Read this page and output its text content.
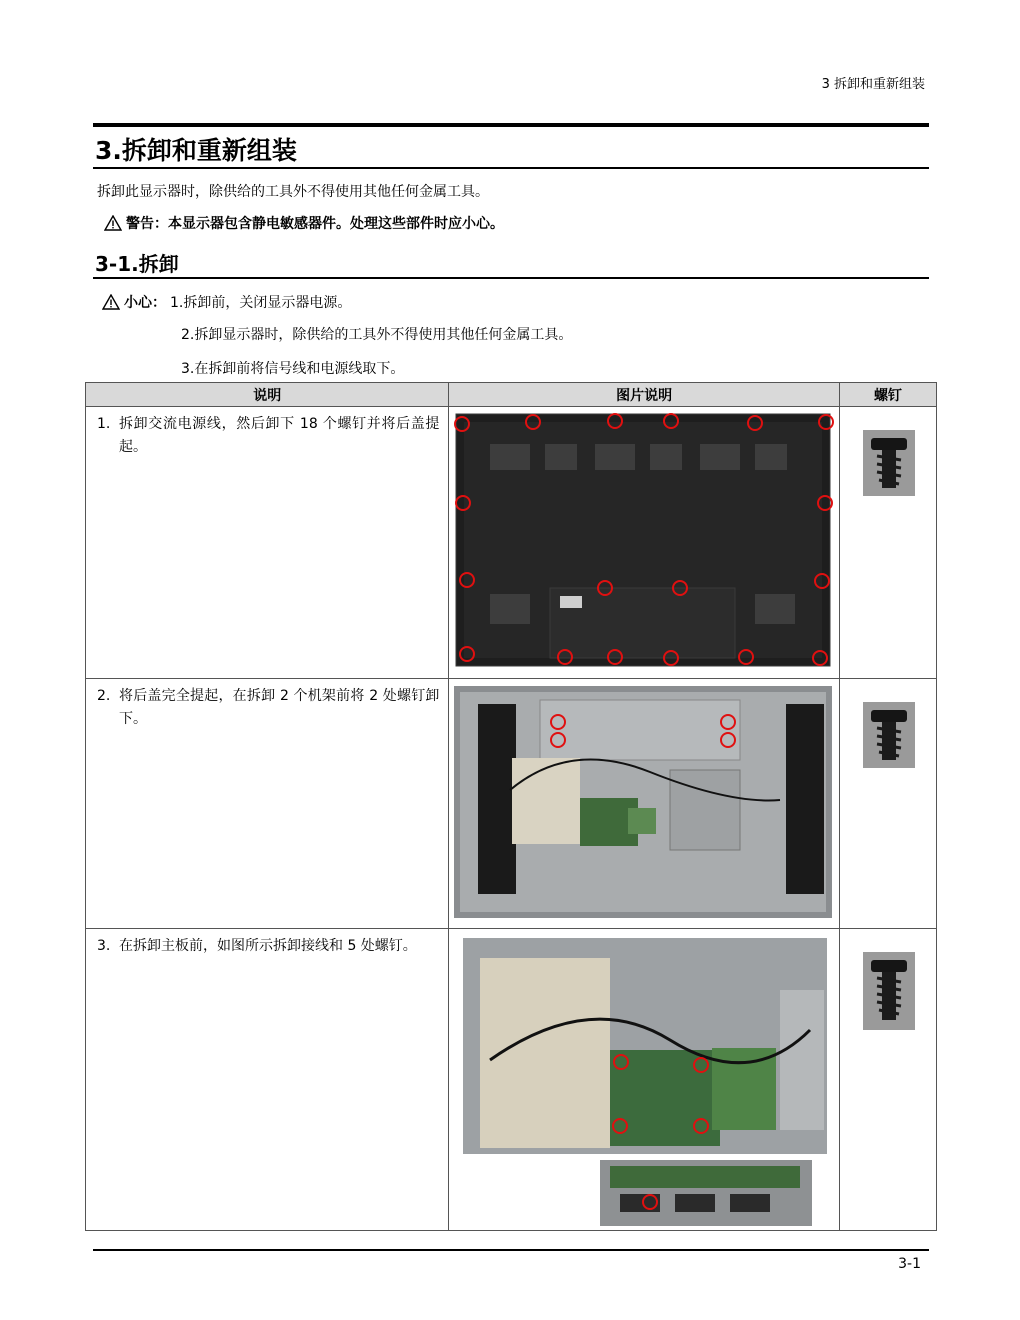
3 拆卸和重新组装
3.拆卸和重新组装
拆卸此显示器时，除供给的工具外不得使用其他任何金属工具。
警告：本显示器包含静电敏感器件。处理这些部件时应小心。
3-1.拆卸
小心： 1.拆卸前，关闭显示器电源。
2.拆卸显示器时，除供给的工具外不得使用其他任何金属工具。
3.在拆卸前将信号线和电源线取下。
说明	图片说明	螺钉

1. 拆卸交流电源线，然后卸下 18 个螺钉并将后盖提起。

2. 将后盖完全提起，在拆卸 2 个机架前将 2 处螺钉卸下。

3. 在拆卸主板前，如图所示拆卸接线和 5 处螺钉。

3-1
